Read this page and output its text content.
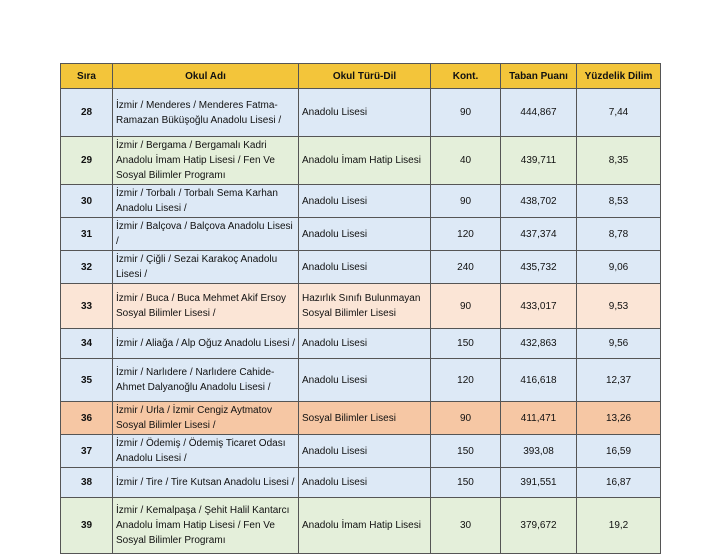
Sıra	Okul Adı	Okul Türü-Dil	Kont.	Taban Puanı	Yüzdelik Dilim
28	İzmir / Menderes / Menderes Fatma-Ramazan Büküşoğlu Anadolu Lisesi /	Anadolu Lisesi	90	444,867	7,44
29	İzmir / Bergama / Bergamalı Kadri Anadolu İmam Hatip Lisesi / Fen Ve Sosyal Bilimler Programı	Anadolu İmam Hatip Lisesi	40	439,711	8,35
30	İzmir / Torbalı / Torbalı Sema Karhan Anadolu Lisesi /	Anadolu Lisesi	90	438,702	8,53
31	İzmir / Balçova / Balçova Anadolu Lisesi /	Anadolu Lisesi	120	437,374	8,78
32	İzmir / Çiğli / Sezai Karakoç Anadolu Lisesi /	Anadolu Lisesi	240	435,732	9,06
33	İzmir / Buca / Buca Mehmet Akif Ersoy Sosyal Bilimler Lisesi /	Hazırlık Sınıfı Bulunmayan Sosyal Bilimler Lisesi	90	433,017	9,53
34	İzmir / Aliağa / Alp Oğuz Anadolu Lisesi /	Anadolu Lisesi	150	432,863	9,56
35	İzmir / Narlıdere / Narlıdere Cahide-Ahmet Dalyanoğlu Anadolu Lisesi /	Anadolu Lisesi	120	416,618	12,37
36	İzmir / Urla / İzmir Cengiz Aytmatov Sosyal Bilimler Lisesi /	Sosyal Bilimler Lisesi	90	411,471	13,26
37	İzmir / Ödemiş / Ödemiş Ticaret Odası Anadolu Lisesi /	Anadolu Lisesi	150	393,08	16,59
38	İzmir / Tire / Tire Kutsan Anadolu Lisesi /	Anadolu Lisesi	150	391,551	16,87
39	İzmir / Kemalpaşa / Şehit Halil Kantarcı Anadolu İmam Hatip Lisesi / Fen Ve Sosyal Bilimler Programı	Anadolu İmam Hatip Lisesi	30	379,672	19,2
